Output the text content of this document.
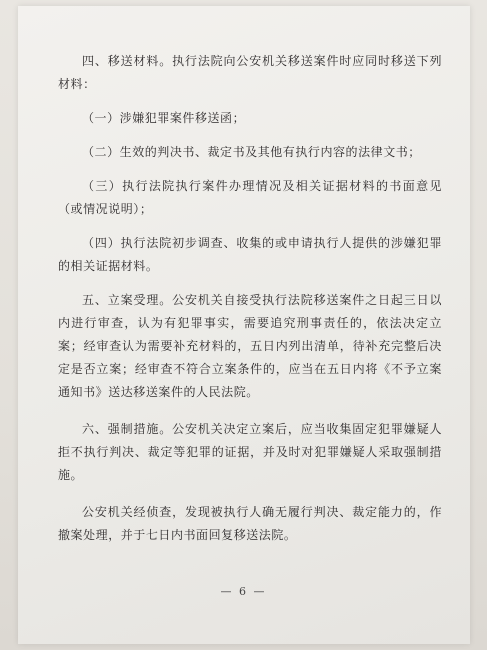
四、移送材料。执行法院向公安机关移送案件时应同时移送下列材料：

（一）涉嫌犯罪案件移送函；

（二）生效的判决书、裁定书及其他有执行内容的法律文书；

（三）执行法院执行案件办理情况及相关证据材料的书面意见（或情况说明）；

（四）执行法院初步调查、收集的或申请执行人提供的涉嫌犯罪的相关证据材料。

五、立案受理。公安机关自接受执行法院移送案件之日起三日以内进行审查，认为有犯罪事实，需要追究刑事责任的，依法决定立案；经审查认为需要补充材料的，五日内列出清单，待补充完整后决定是否立案；经审查不符合立案条件的，应当在五日内将《不予立案通知书》送达移送案件的人民法院。

六、强制措施。公安机关决定立案后，应当收集固定犯罪嫌疑人拒不执行判决、裁定等犯罪的证据，并及时对犯罪嫌疑人采取强制措施。

公安机关经侦查，发现被执行人确无履行判决、裁定能力的，作撤案处理，并于七日内书面回复移送法院。

— 6 —
